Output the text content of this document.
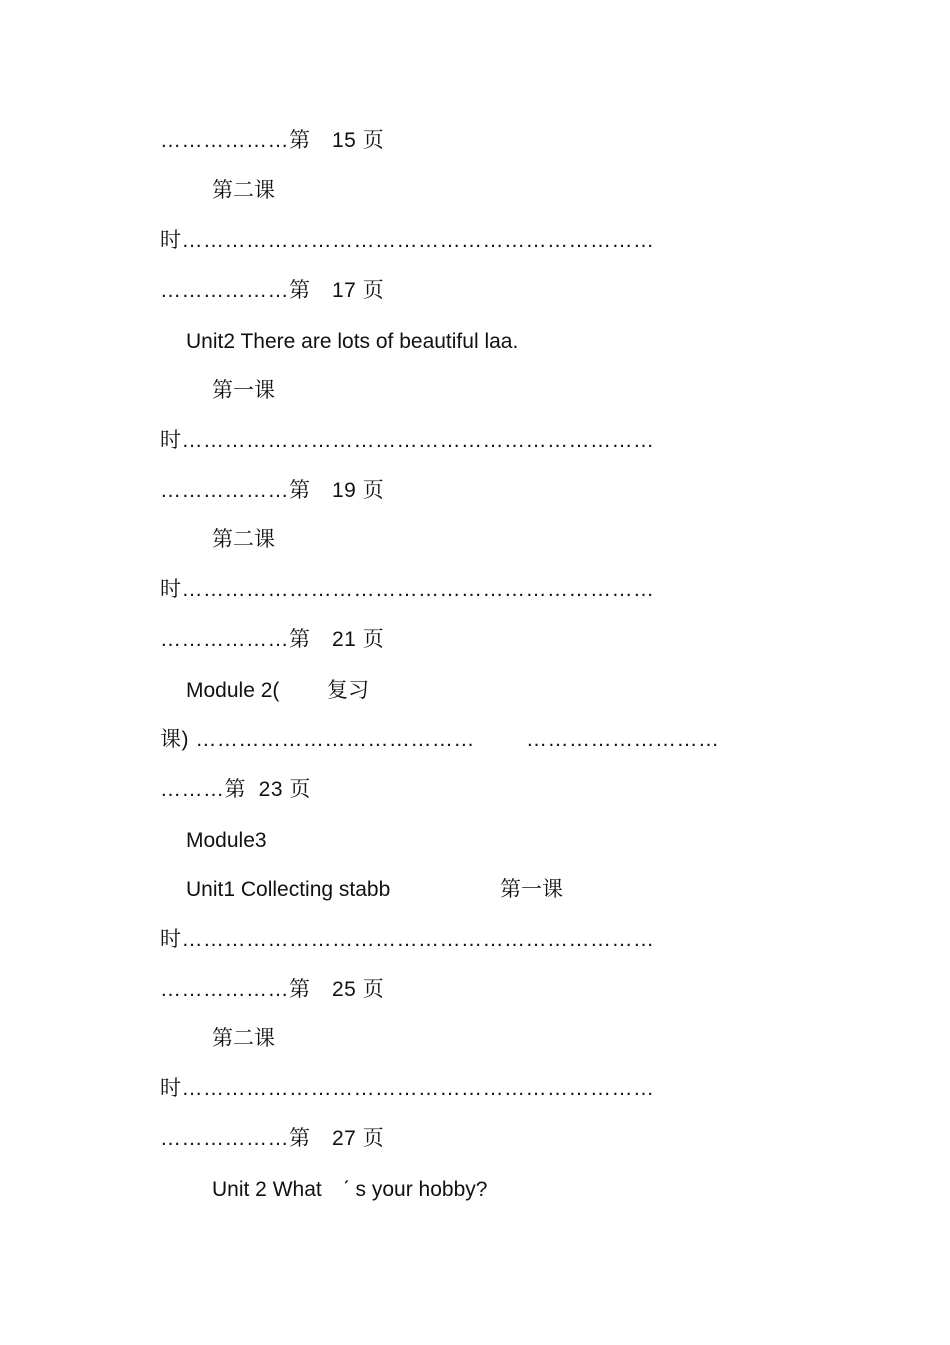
………………第　15 页
第二课
时…………………………………………………………
………………第　17 页
Unit2 There are lots of beautiful laa.
第一课
时…………………………………………………………
………………第　19 页
第二课
时…………………………………………………………
………………第　21 页
Module 2( 复习
课) ………………………………… ………………………
………第  23 页
Module3
Unit1 Collecting stabb	第一课
时…………………………………………………………
………………第　25 页
第二课
时…………………………………………………………
………………第　27 页
Unit 2 What　ˊ s your hobby?
